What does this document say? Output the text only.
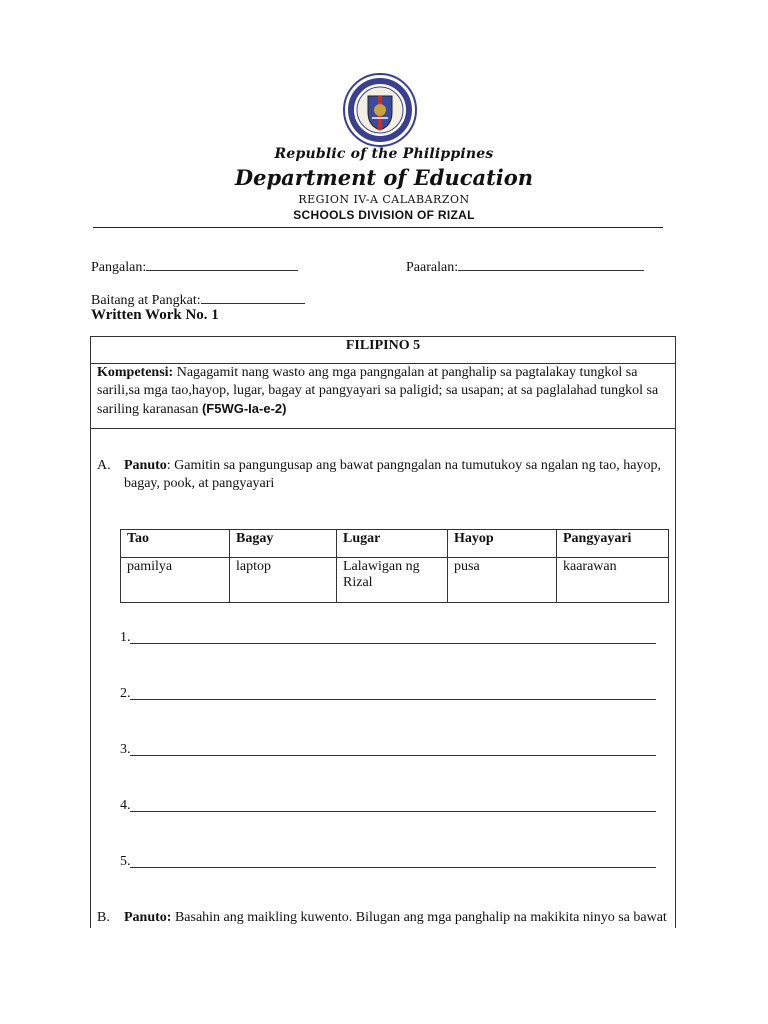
Republic of the Philippines
Department of Education
REGION IV-A CALABARZON
SCHOOLS DIVISION OF RIZAL
Pangalan:	Paaralan:
Baitang at Pangkat:
Written Work No. 1
FILIPINO 5
Kompetensi: Nagagamit nang wasto ang mga pangngalan at panghalip sa pagtalakay tungkol sa sarili,sa mga tao,hayop, lugar, bagay at pangyayari sa paligid; sa usapan; at sa paglalahad tungkol sa sariling karanasan (F5WG-Ia-e-2)
A. Panuto: Gamitin sa pangungusap ang bawat pangngalan na tumutukoy sa ngalan ng tao, hayop, bagay, pook, at pangyayari
Tao	Bagay	Lugar	Hayop	Pangyayari
pamilya	laptop	Lalawigan ng Rizal	pusa	kaarawan
1.
2.
3.
4.
5.
B. Panuto: Basahin ang maikling kuwento. Bilugan ang mga panghalip na makikita ninyo sa bawat
